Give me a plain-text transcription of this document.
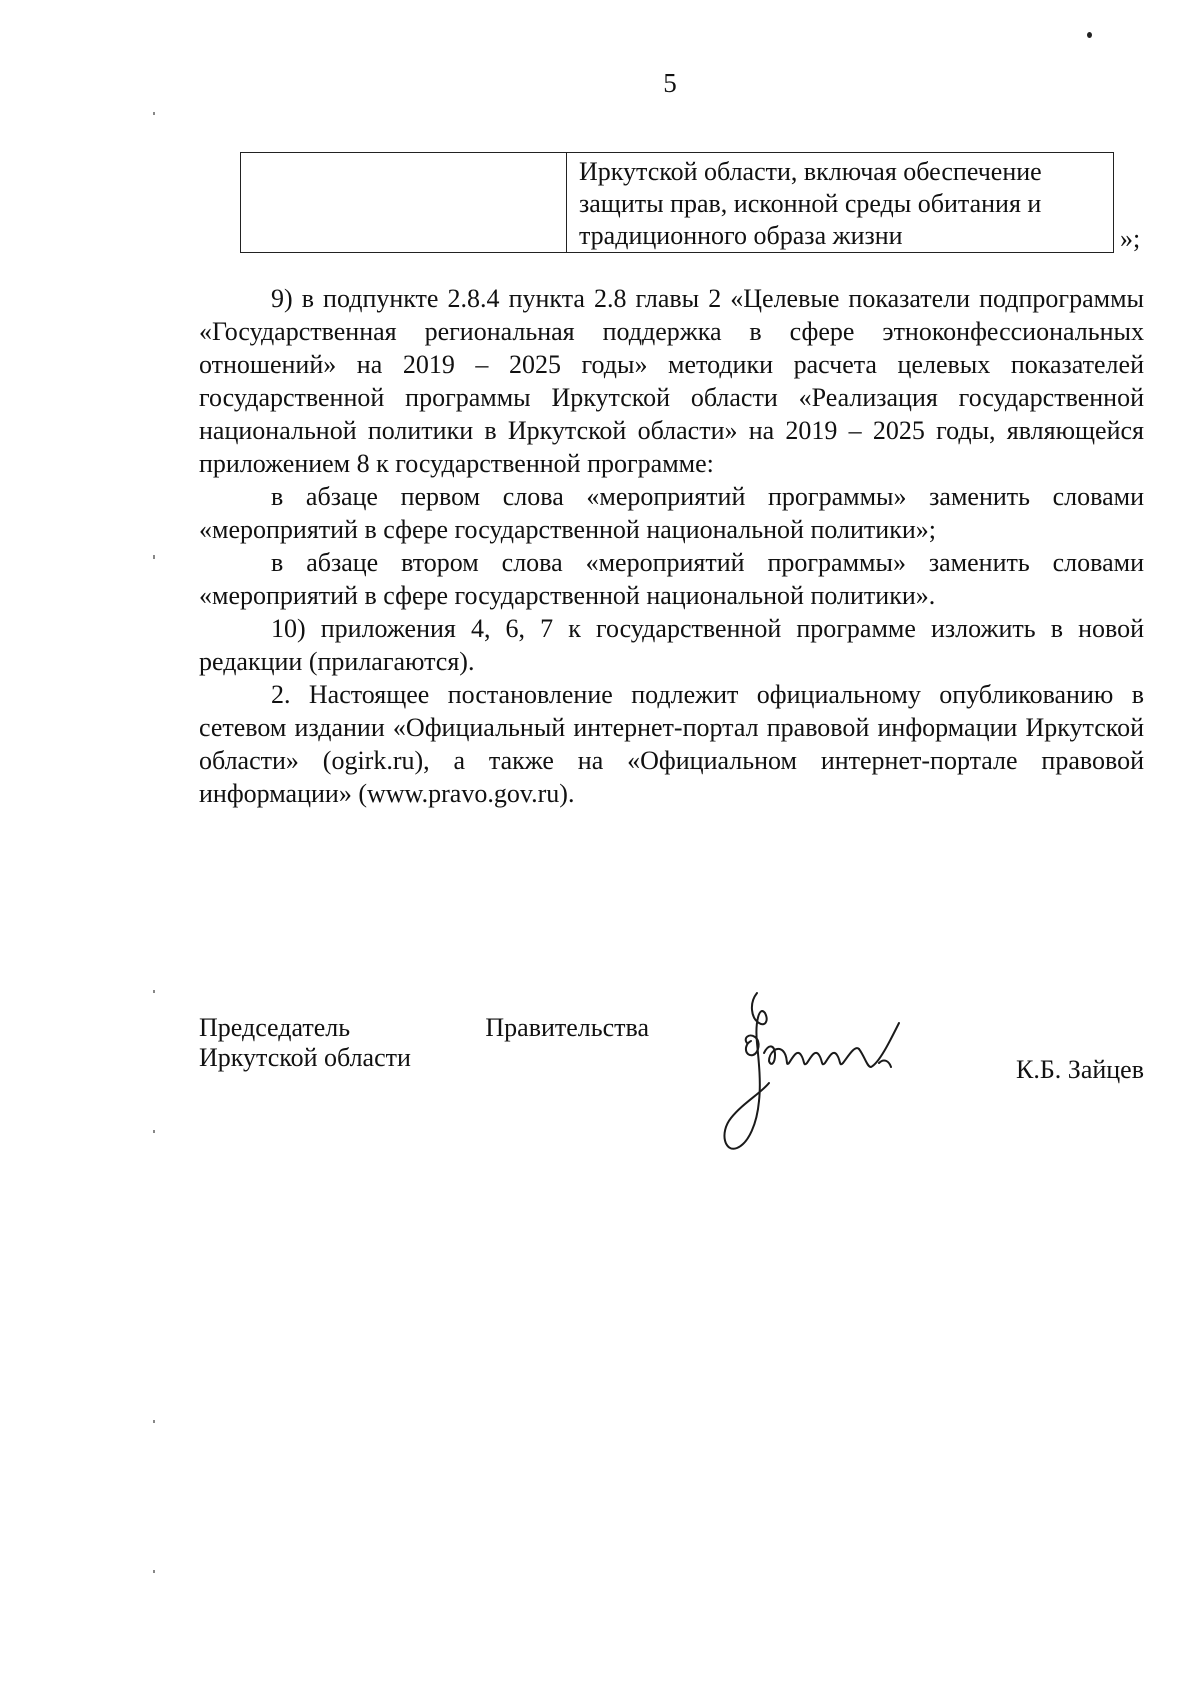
5

Иркутской области, включая обеспечение
защиты прав, исконной среды обитания и
традиционного образа жизни	»;

9) в подпункте 2.8.4 пункта 2.8 главы 2 «Целевые показатели подпрограммы «Государственная региональная поддержка в сфере этноконфессиональных отношений» на 2019 – 2025 годы» методики расчета целевых показателей государственной программы Иркутской области «Реализация государственной национальной политики в Иркутской области» на 2019 – 2025 годы, являющейся приложением 8 к государственной программе:

в абзаце первом слова «мероприятий программы» заменить словами «мероприятий в сфере государственной национальной политики»;

в абзаце втором слова «мероприятий программы» заменить словами «мероприятий в сфере государственной национальной политики».

10) приложения 4, 6, 7 к государственной программе изложить в новой редакции (прилагаются).

2. Настоящее постановление подлежит официальному опубликованию в сетевом издании «Официальный интернет-портал правовой информации Иркутской области» (ogirk.ru), а также на «Официальном интернет-портале правовой информации» (www.pravo.gov.ru).

Председатель	Правительства
Иркутской области	К.Б. Зайцев
